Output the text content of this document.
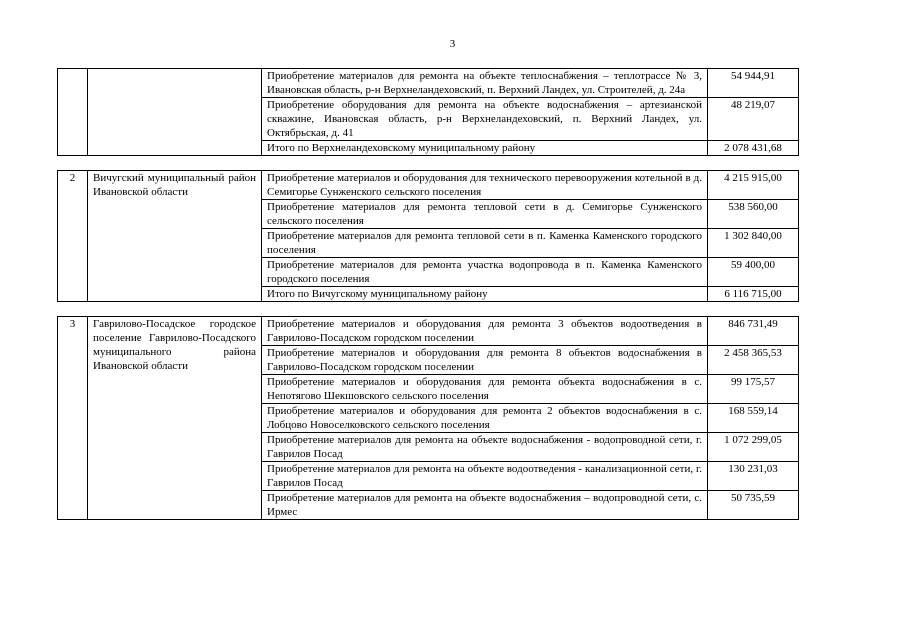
3
		Приобретение материалов для ремонта на объекте теплоснабжения – теплотрассе № 3, Ивановская область, р-н Верхнеландеховский, п. Верхний Ландех, ул. Строителей, д. 24а	54 944,91
		Приобретение оборудования для ремонта на объекте водоснабжения – артезианской скважине, Ивановская область, р-н Верхнеландеховский, п. Верхний Ландех, ул. Октябрьская, д. 41	48 219,07
		Итого по Верхнеландеховскому муниципальному району	2 078 431,68

2	Вичугский муниципальный район Ивановской области	Приобретение материалов и оборудования для технического перевооружения котельной в д. Семигорье Сунженского сельского поселения	4 215 915,00
		Приобретение материалов для ремонта тепловой сети в д. Семигорье Сунженского сельского поселения	538 560,00
		Приобретение материалов для ремонта тепловой сети в п. Каменка Каменского городского поселения	1 302 840,00
		Приобретение материалов для ремонта участка водопровода в п. Каменка Каменского городского поселения	59 400,00
		Итого по Вичугскому муниципальному району	6 116 715,00

3	Гаврилово-Посадское городское поселение Гаврилово-Посадского муниципального района Ивановской области	Приобретение материалов и оборудования для ремонта 3 объектов водоотведения в Гаврилово-Посадском городском поселении	846 731,49
		Приобретение материалов и оборудования для ремонта 8 объектов водоснабжения в Гаврилово-Посадском городском поселении	2 458 365,53
		Приобретение материалов и оборудования для ремонта объекта водоснабжения в с. Непотягово Шекшовского сельского поселения	99 175,57
		Приобретение материалов и оборудования для ремонта 2 объектов водоснабжения в с. Лобцово Новоселковского сельского поселения	168 559,14
		Приобретение материалов для ремонта на объекте водоснабжения - водопроводной сети, г. Гаврилов Посад	1 072 299,05
		Приобретение материалов для ремонта на объекте водоотведения - канализационной сети, г. Гаврилов Посад	130 231,03
		Приобретение материалов для ремонта на объекте водоснабжения – водопроводной сети, с. Ирмес	50 735,59
